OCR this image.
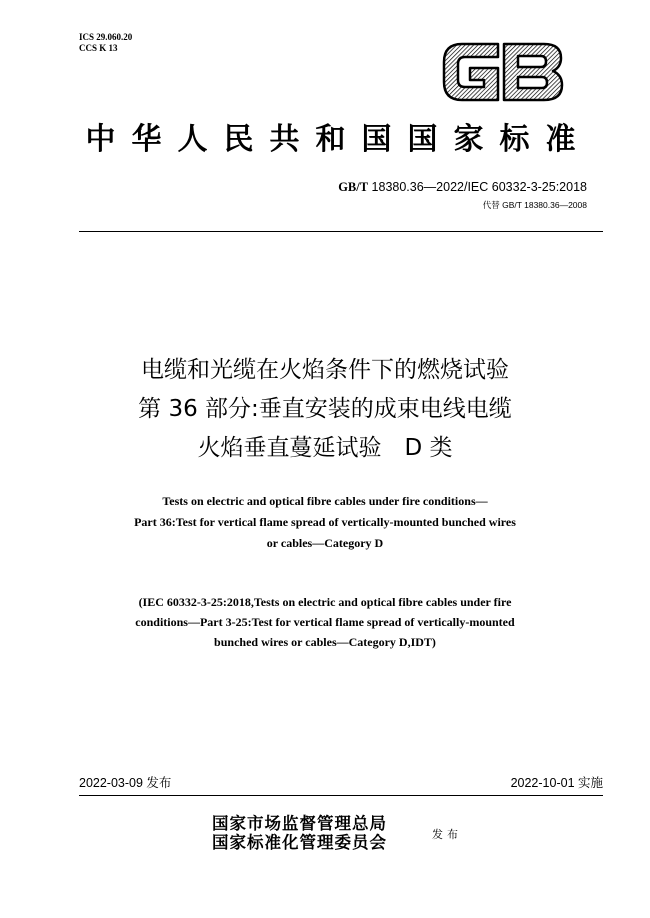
ICS 29.060.20
CCS K 13
中华人民共和国国家标准
GB/T 18380.36—2022/IEC 60332-3-25:2018
代替 GB/T 18380.36—2008
电缆和光缆在火焰条件下的燃烧试验
第 36 部分:垂直安装的成束电线电缆
火焰垂直蔓延试验　D 类
Tests on electric and optical fibre cables under fire conditions—
Part 36:Test for vertical flame spread of vertically-mounted bunched wires
or cables—Category D
(IEC 60332-3-25:2018,Tests on electric and optical fibre cables under fire
conditions—Part 3-25:Test for vertical flame spread of vertically-mounted
bunched wires or cables—Category D,IDT)
2022-03-09 发布	2022-10-01 实施
国家市场监督管理总局
国家标准化管理委员会	发布
